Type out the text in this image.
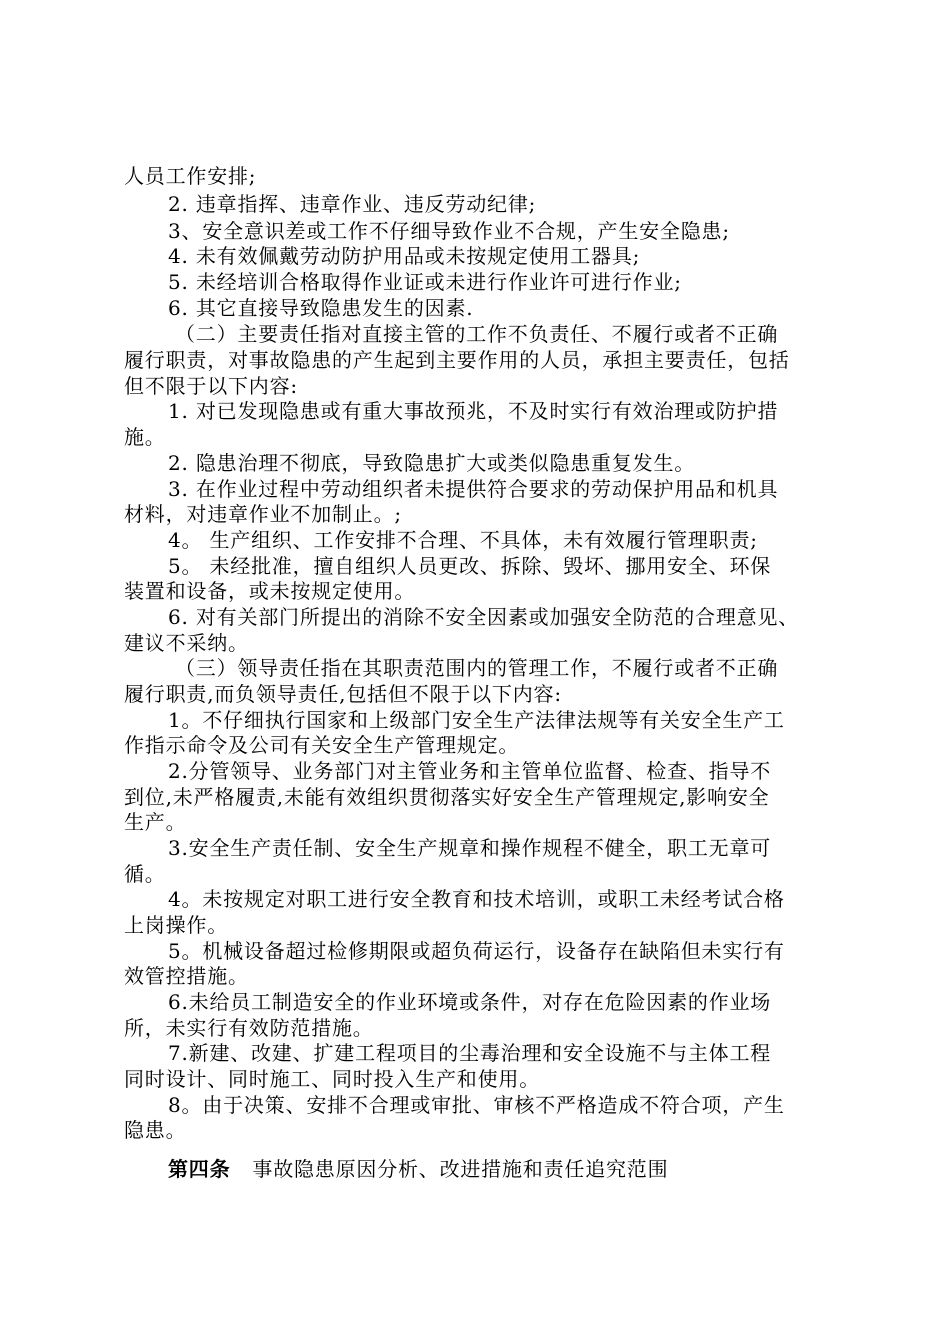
人员工作安排;
2. 违章指挥、违章作业、违反劳动纪律;
3、安全意识差或工作不仔细导致作业不合规，产生安全隐患;
4. 未有效佩戴劳动防护用品或未按规定使用工器具;
5. 未经培训合格取得作业证或未进行作业许可进行作业;
6. 其它直接导致隐患发生的因素.
（二）主要责任指对直接主管的工作不负责任、不履行或者不正确
履行职责，对事故隐患的产生起到主要作用的人员，承担主要责任，包括
但不限于以下内容:
1. 对已发现隐患或有重大事故预兆，不及时实行有效治理或防护措
施。
2. 隐患治理不彻底，导致隐患扩大或类似隐患重复发生。
3. 在作业过程中劳动组织者未提供符合要求的劳动保护用品和机具
材料，对违章作业不加制止。;
4。 生产组织、工作安排不合理、不具体，未有效履行管理职责;
5。 未经批准，擅自组织人员更改、拆除、毁坏、挪用安全、环保
装置和设备，或未按规定使用。
6. 对有关部门所提出的消除不安全因素或加强安全防范的合理意见、
建议不采纳。
（三）领导责任指在其职责范围内的管理工作，不履行或者不正确
履行职责,而负领导责任,包括但不限于以下内容:
1。不仔细执行国家和上级部门安全生产法律法规等有关安全生产工
作指示命令及公司有关安全生产管理规定。
2.分管领导、业务部门对主管业务和主管单位监督、检查、指导不
到位,未严格履责,未能有效组织贯彻落实好安全生产管理规定,影响安全
生产。
3.安全生产责任制、安全生产规章和操作规程不健全，职工无章可
循。
4。未按规定对职工进行安全教育和技术培训，或职工未经考试合格
上岗操作。
5。机械设备超过检修期限或超负荷运行，设备存在缺陷但未实行有
效管控措施。
6.未给员工制造安全的作业环境或条件，对存在危险因素的作业场
所，未实行有效防范措施。
7.新建、改建、扩建工程项目的尘毒治理和安全设施不与主体工程
同时设计、同时施工、同时投入生产和使用。
8。由于决策、安排不合理或审批、审核不严格造成不符合项，产生
隐患。
第四条 事故隐患原因分析、改进措施和责任追究范围
